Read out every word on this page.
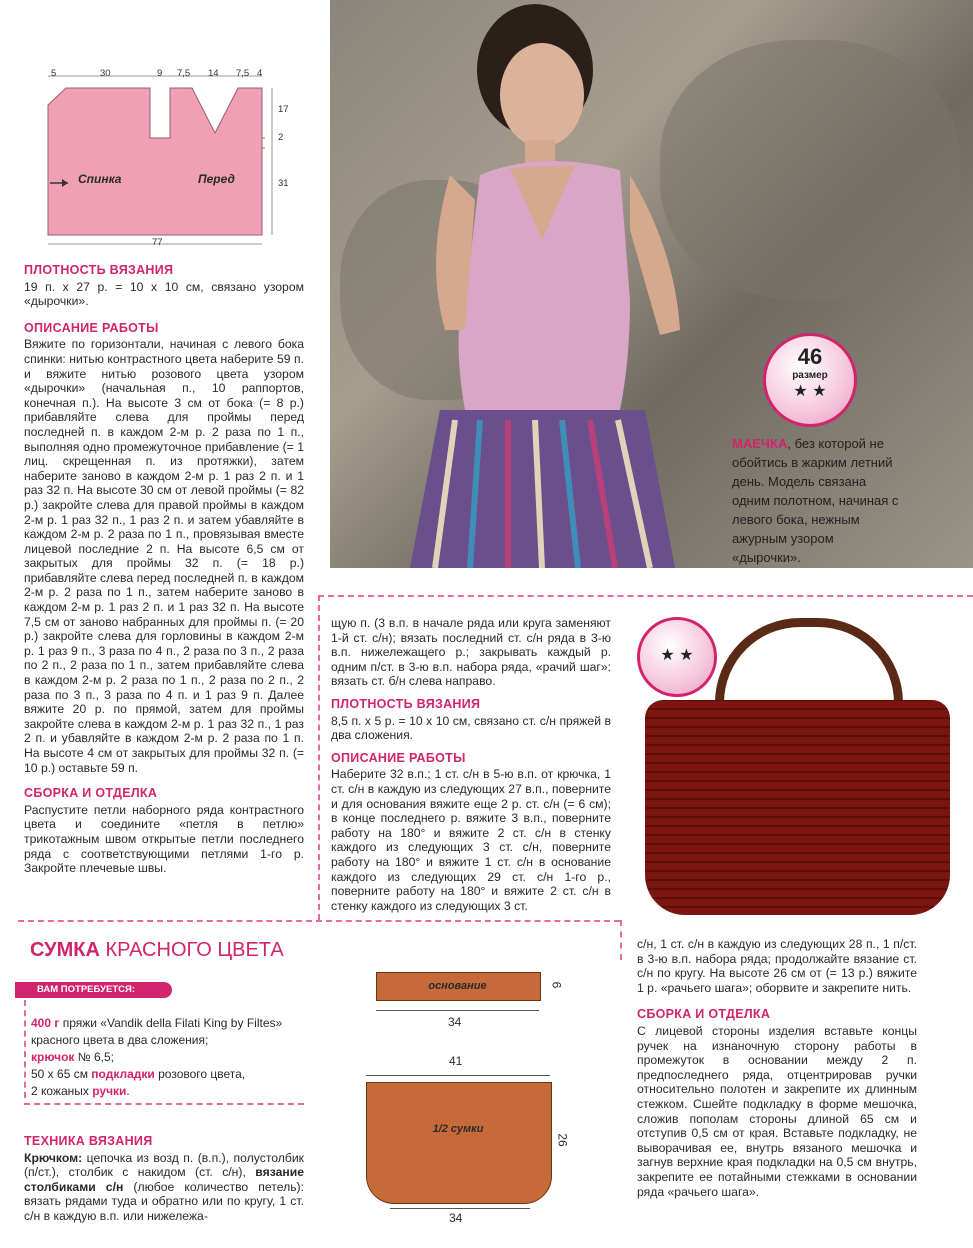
5	30	9 7,5 14 7,5 4
17
2
31
77
Спинка	Перед
ПЛОТНОСТЬ ВЯЗАНИЯ
19 п. х 27 р. = 10 х 10 см, связано узором «дырочки».
ОПИСАНИЕ РАБОТЫ
Вяжите по горизонтали, начиная с левого бока спинки: нитью контрастного цвета наберите 59 п. и вяжите нитью розового цвета узором «дырочки» (начальная п., 10 раппортов, конечная п.). На высоте 3 см от бока (= 8 р.) прибавляйте слева для проймы перед последней п. в каждом 2-м р. 2 раза по 1 п., выполняя одно промежуточное прибавление (= 1 лиц. скрещенная п. из протяжки), затем наберите заново в каждом 2-м р. 1 раз 2 п. и 1 раз 32 п. На высоте 30 см от левой проймы (= 82 р.) закройте слева для правой проймы в каждом 2-м р. 1 раз 32 п., 1 раз 2 п. и затем убавляйте в каждом 2-м р. 2 раза по 1 п., провязывая вместе лицевой последние 2 п. На высоте 6,5 см от закрытых для проймы 32 п. (= 18 р.) прибавляйте слева перед последней п. в каждом 2-м р. 2 раза по 1 п., затем наберите заново в каждом 2-м р. 1 раз 2 п. и 1 раз 32 п. На высоте 7,5 см от заново набранных для проймы п. (= 20 р.) закройте слева для горловины в каждом 2-м р. 1 раз 9 п., 3 раза по 4 п., 2 раза по 3 п., 2 раза по 2 п., 2 раза по 1 п., затем прибавляйте слева в каждом 2-м р. 2 раза по 1 п., 2 раза по 2 п., 2 раза по 3 п., 3 раза по 4 п. и 1 раз 9 п. Далее вяжите 20 р. по прямой, затем для проймы закройте слева в каждом 2-м р. 1 раз 32 п., 1 раз 2 п. и убавляйте в каждом 2-м р. 2 раза по 1 п. На высоте 4 см от закрытых для проймы 32 п. (= 10 р.) оставьте 59 п.
СБОРКА И ОТДЕЛКА
Распустите петли наборного ряда контрастного цвета и соедините «петля в петлю» трикотажным швом открытые петли последнего ряда с соответствующими петлями 1-го р. Закройте плечевые швы.
46
размер
★ ★
МАЕЧКА, без которой не обойтись в жарким летний день. Модель связана одним полотном, начиная с левого бока, нежным ажурным узором «дырочки».
щую п. (3 в.п. в начале ряда или круга заменяют 1-й ст. с/н); вязать последний ст. с/н ряда в 3-ю в.п. нижележащего р.; закрывать каждый р. одним п/ст. в 3-ю в.п. набора ряда, «рачий шаг»: вязать ст. б/н слева направо.
ПЛОТНОСТЬ ВЯЗАНИЯ
8,5 п. х 5 р. = 10 х 10 см, связано ст. с/н пряжей в два сложения.
ОПИСАНИЕ РАБОТЫ
Наберите 32 в.п.; 1 ст. с/н в 5-ю в.п. от крючка, 1 ст. с/н в каждую из следующих 27 в.п., поверните и для основания вяжите еще 2 р. ст. с/н (= 6 см); в конце последнего р. вяжите 3 в.п., поверните работу на 180° и вяжите 2 ст. с/н в стенку каждого из следующих 3 ст. с/н, поверните работу на 180° и вяжите 1 ст. с/н в основание каждого из следующих 29 ст. с/н 1-го р., поверните работу на 180° и вяжите 2 ст. с/н в стенку каждого из следующих 3 ст.
★ ★
СУМКА КРАСНОГО ЦВЕТА
ВАМ ПОТРЕБУЕТСЯ:
400 г пряжи «Vandik della Filati King by Filtes» красного цвета в два сложения;
крючок № 6,5;
50 х 65 см подкладки розового цвета,
2 кожаных ручки.
ТЕХНИКА ВЯЗАНИЯ
Крючком: цепочка из возд п. (в.п.), полустолбик (п/ст.), столбик с накидом (ст. с/н), вязание столбиками с/н (любое количество петель): вязать рядами туда и обратно или по кругу, 1 ст. с/н в каждую в.п. или нижележа-
основание	6
34
41
1/2 сумки
26
34
с/н, 1 ст. с/н в каждую из следующих 28 п., 1 п/ст. в 3-ю в.п. набора ряда; продолжайте вязание ст. с/н по кругу. На высоте 26 см от (= 13 р.) вяжите 1 р. «рачьего шага»; оборвите и закрепите нить.
СБОРКА И ОТДЕЛКА
С лицевой стороны изделия вставьте концы ручек на изнаночную сторону работы в промежуток в основании между 2 п. предпоследнего ряда, отцентрировав ручки относительно полотен и закрепите их длинным стежком. Сшейте подкладку в форме мешочка, сложив пополам стороны длиной 65 см и отступив 0,5 см от края. Вставьте подкладку, не выворачивая ее, внутрь вязаного мешочка и загнув верхние края подкладки на 0,5 см внутрь, закрепите ее потайными стежками в основании ряда «рачьего шага».
